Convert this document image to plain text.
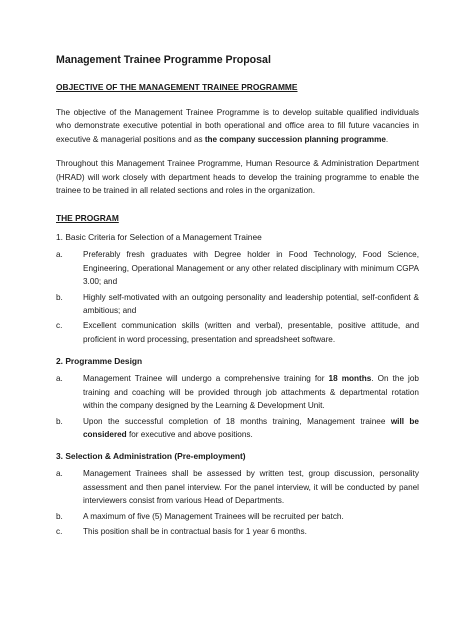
Management Trainee Programme Proposal
OBJECTIVE OF THE MANAGEMENT TRAINEE PROGRAMME

The objective of the Management Trainee Programme is to develop suitable qualified individuals who demonstrate executive potential in both operational and office area to fill future vacancies in executive & managerial positions and as the company succession planning programme.

Throughout this Management Trainee Programme, Human Resource & Administration Department (HRAD) will work closely with department heads to develop the training programme to enable the trainee to be trained in all related sections and roles in the organization.

THE PROGRAM
1. Basic Criteria for Selection of a Management Trainee
a. Preferably fresh graduates with Degree holder in Food Technology, Food Science, Engineering, Operational Management or any other related disciplinary with minimum CGPA 3.00; and
b. Highly self-motivated with an outgoing personality and leadership potential, self-confident & ambitious; and
c.	Excellent communication skills (written and verbal), presentable, positive attitude, and proficient in word processing, presentation and spreadsheet software.
2. Programme Design
a. Management Trainee will undergo a comprehensive training for 18 months. On the job training and coaching will be provided through job attachments & departmental rotation within the company designed by the Learning & Development Unit.
b. Upon the successful completion of 18 months training, Management trainee will be considered for executive and above positions.
3. Selection & Administration (Pre-employment)
a. Management Trainees shall be assessed by written test, group discussion, personality assessment and then panel interview. For the panel interview, it will be conducted by panel interviewers consist from various Head of Departments.
b. A maximum of five (5) Management Trainees will be recruited per batch.
c.	This position shall be in contractual basis for 1 year 6 months.
